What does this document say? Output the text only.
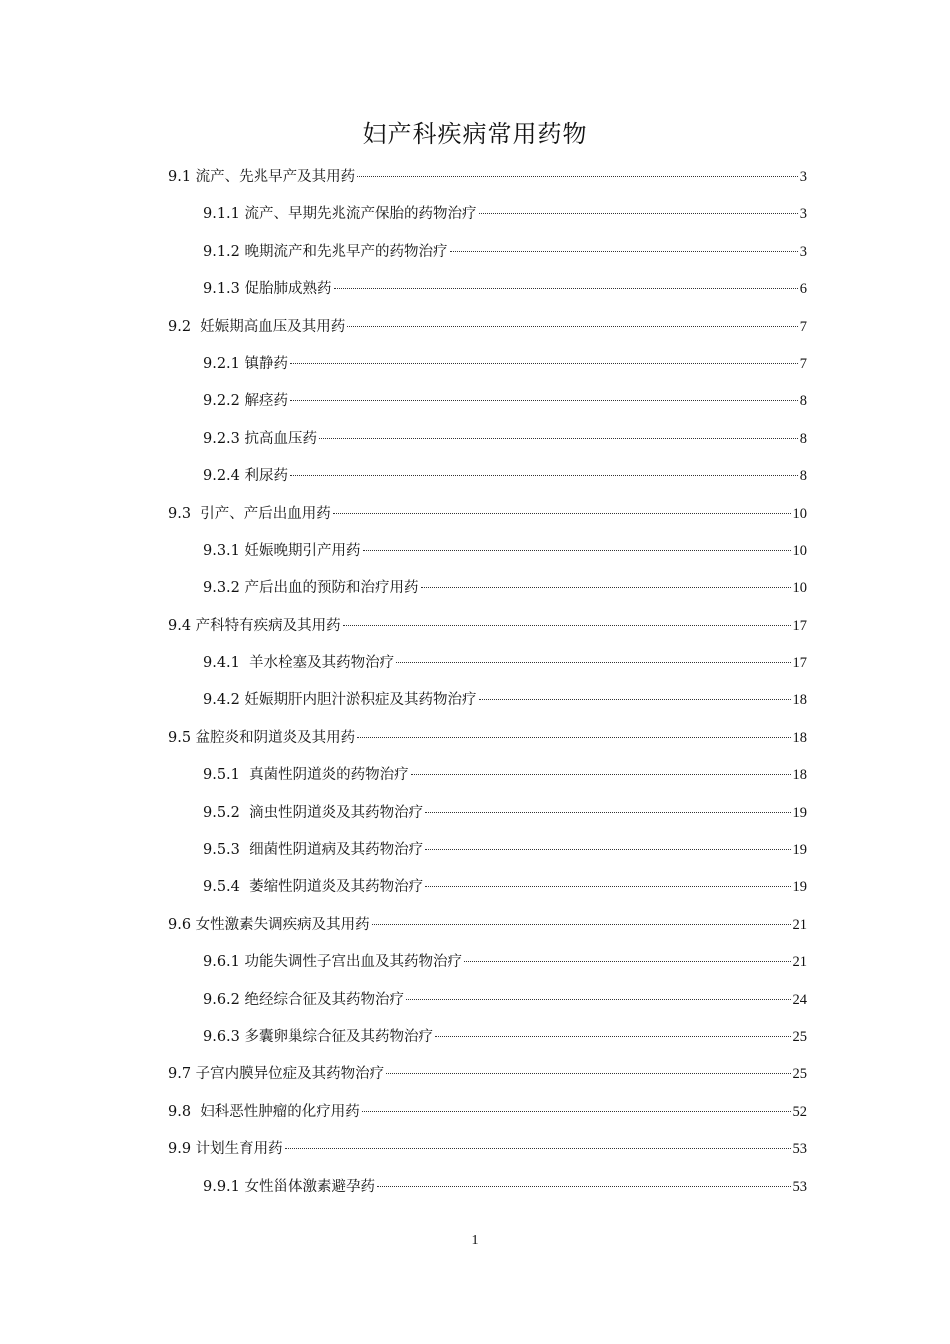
妇产科疾病常用药物
9.1 流产、先兆早产及其用药	3
9.1.1 流产、早期先兆流产保胎的药物治疗	3
9.1.2 晚期流产和先兆早产的药物治疗	3
9.1.3 促胎肺成熟药	6
9.2  妊娠期高血压及其用药	7
9.2.1 镇静药	7
9.2.2 解痉药	8
9.2.3 抗高血压药	8
9.2.4 利尿药	8
9.3  引产、产后出血用药	10
9.3.1 妊娠晚期引产用药	10
9.3.2 产后出血的预防和治疗用药	10
9.4 产科特有疾病及其用药	17
9.4.1  羊水栓塞及其药物治疗	17
9.4.2 妊娠期肝内胆汁淤积症及其药物治疗	18
9.5 盆腔炎和阴道炎及其用药	18
9.5.1  真菌性阴道炎的药物治疗	18
9.5.2  滴虫性阴道炎及其药物治疗	19
9.5.3  细菌性阴道病及其药物治疗	19
9.5.4  萎缩性阴道炎及其药物治疗	19
9.6 女性激素失调疾病及其用药	21
9.6.1 功能失调性子宫出血及其药物治疗	21
9.6.2 绝经综合征及其药物治疗	24
9.6.3 多囊卵巢综合征及其药物治疗	25
9.7 子宫内膜异位症及其药物治疗	25
9.8  妇科恶性肿瘤的化疗用药	52
9.9 计划生育用药	53
9.9.1 女性甾体激素避孕药	53
1
